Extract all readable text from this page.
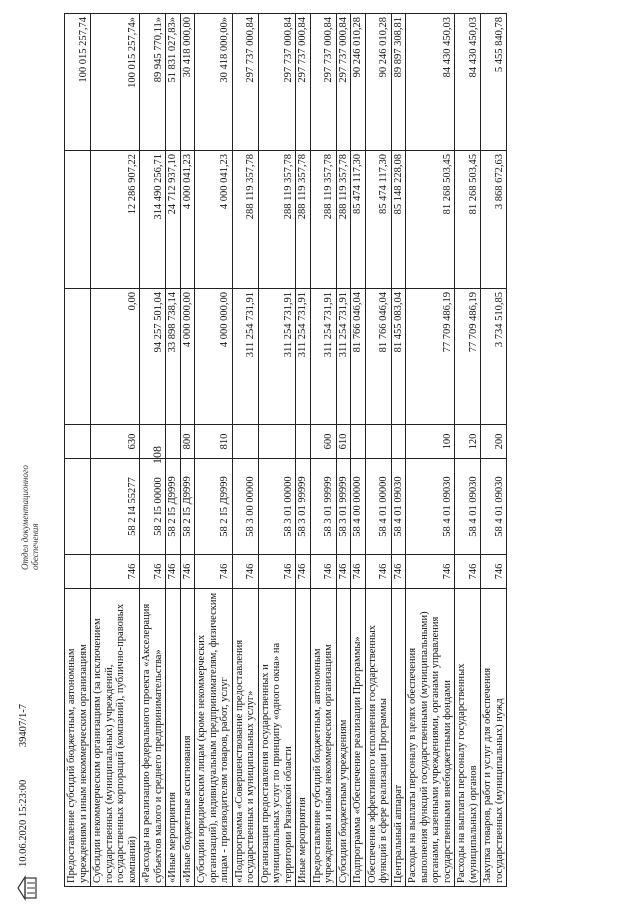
108
10.06.2020 15:23:00 39407/1-7
Отдел документационного обеспечения
Предоставление субсидий бюджетным, автономным учреждениям и иным некоммерческим организациям						100 015 257,74
Субсидии некоммерческим организациям (за исключением государственных (муниципальных) учреждений, государственных корпораций (компаний), публично-правовых компаний)	746	58 2 I4 55277	630	0,00	12 286 907,22	100 015 257,74»
«Расходы на реализацию федерального проекта «Акселерация субъектов малого и среднего предпринимательства»	746	58 2 I5 00000		94 257 501,04	314 490 256,71	89 945 770,11»
«Иные мероприятия	746	58 2 I5 Д9999		33 898 738,14	24 712 937,10	51 831 027,83»
«Иные бюджетные ассигнования	746	58 2 I5 Д9999	800	4 000 000,00	4 000 041,23	30 418 000,00
Субсидии юридическим лицам (кроме некоммерческих организаций), индивидуальным предпринимателям, физическим лицам - производителям товаров, работ, услуг	746	58 2 I5 Д9999	810	4 000 000,00	4 000 041,23	30 418 000,00»
«Подпрограмма «Совершенствование предоставления государственных и муниципальных услуг»	746	58 3 00 00000		311 254 731,91	288 119 357,78	297 737 000,84
Организация предоставления государственных и муниципальных услуг по принципу «одного окна» на территории Рязанской области	746	58 3 01 00000		311 254 731,91	288 119 357,78	297 737 000,84
Иные мероприятия	746	58 3 01 99999		311 254 731,91	288 119 357,78	297 737 000,84
Предоставление субсидий бюджетным, автономным учреждениям и иным некоммерческим организациям	746	58 3 01 99999	600	311 254 731,91	288 119 357,78	297 737 000,84
Субсидии бюджетным учреждениям	746	58 3 01 99999	610	311 254 731,91	288 119 357,78	297 737 000,84
Подпрограмма «Обеспечение реализации Программы»	746	58 4 00 00000		81 766 046,04	85 474 117,30	90 246 010,28
Обеспечение эффективного исполнения государственных функций в сфере реализации Программы	746	58 4 01 00000		81 766 046,04	85 474 117,30	90 246 010,28
Центральный аппарат	746	58 4 01 09030		81 455 083,04	85 148 228,08	89 897 308,81
Расходы на выплаты персоналу в целях обеспечения выполнения функций государственными (муниципальными) органами, казенными учреждениями, органами управления государственными внебюджетными фондами	746	58 4 01 09030	100	77 709 486,19	81 268 503,45	84 430 450,03
Расходы на выплаты персоналу государственных (муниципальных) органов	746	58 4 01 09030	120	77 709 486,19	81 268 503,45	84 430 450,03
Закупка товаров, работ и услуг для обеспечения государственных (муниципальных) нужд	746	58 4 01 09030	200	3 734 510,85	3 868 672,63	5 455 840,78
